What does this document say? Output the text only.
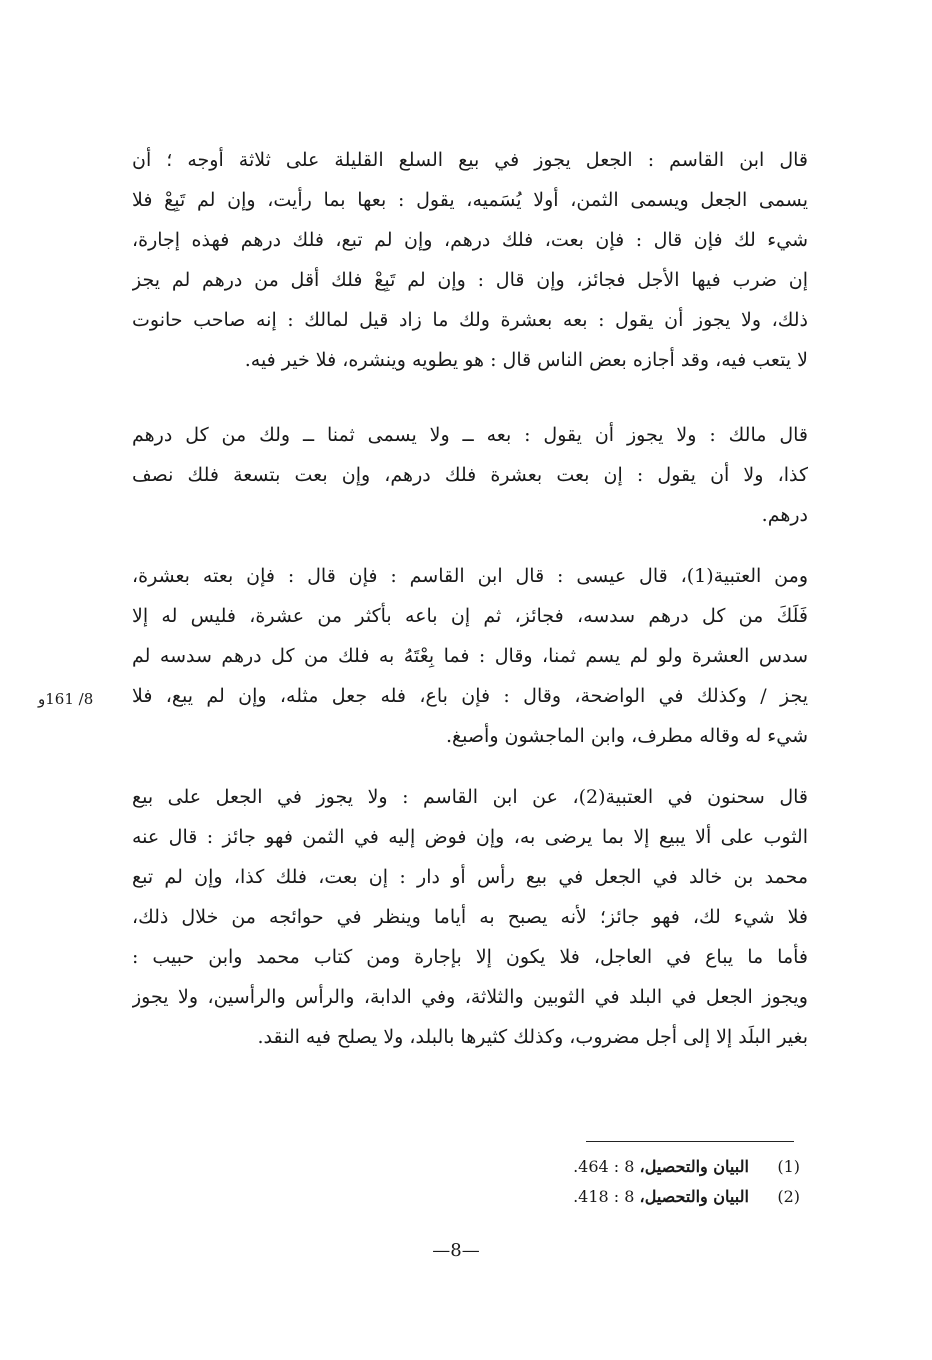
قال ابن القاسم : الجعل يجوز في بيع السلع القليلة على ثلاثة أوجه ؛ أن
يسمى الجعل ويسمى الثمن، أولا يُسَميه، يقول : بعها بما رأيت، وإن لم تَبِعْ فلا
شيء لك فإن قال : فإن بعت، فلك درهم، وإن لم تبع، فلك درهم فهذه إجارة،
إن ضرب فيها الأجل فجائز، وإن قال : وإن لم تَبِعْ فلك أقل من درهم لم يجز
ذلك، ولا يجوز أن يقول : بعه بعشرة ولك ما زاد قيل لمالك : إنه صاحب حانوت
لا يتعب فيه، وقد أجازه بعض الناس قال : هو يطويه وينشره، فلا خير فيه.
قال مالك : ولا يجوز أن يقول : بعه ــ ولا يسمى ثمنا ــ ولك من كل درهم
كذا، ولا أن يقول : إن بعت بعشرة فلك درهم، وإن بعت بتسعة فلك نصف
درهم.
ومن العتبية(1)، قال عيسى : قال ابن القاسم : فإن قال : فإن بعته بعشرة،
فَلَكَ من كل درهم سدسه، فجائز، ثم إن باعه بأكثر من عشرة، فليس له إلا
سدس العشرة ولو لم يسم ثمنا، وقال : فما بِعْتَهُ به فلك من كل درهم سدسه لم
يجز / وكذلك في الواضحة، وقال : فإن باع، فله جعل مثله، وإن لم يبع، فلا
شيء له وقاله مطرف، وابن الماجشون وأصبغ.
8/ 161و
قال سحنون في العتبية(2)، عن ابن القاسم : ولا يجوز في الجعل على بيع
الثوب على ألا يبيع إلا بما يرضى به، وإن فوض إليه في الثمن فهو جائز : قال عنه
محمد بن خالد في الجعل في بيع رأس أو دار : إن بعت، فلك كذا، وإن لم تبع
فلا شيء لك، فهو جائز؛ لأنه يصبح به أياما وينظر في حوائجه من خلال ذلك،
فأما ما يباع في العاجل، فلا يكون إلا بإجارة ومن كتاب محمد وابن حبيب :
ويجوز الجعل في البلد في الثوبين والثلاثة، وفي الدابة، والرأس والرأسين، ولا يجوز
بغير البلَد إلا إلى أجل مضروب، وكذلك كثيرها بالبلد، ولا يصلح فيه النقد.
(1) البيان والتحصيل، 8 : 464.
(2) البيان والتحصيل، 8 : 418.
—8—
